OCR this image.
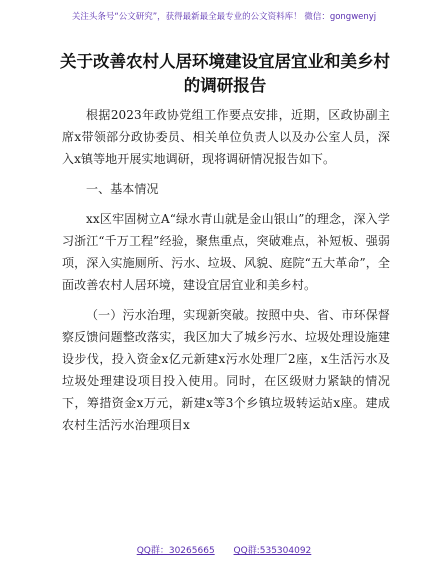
关注头条号“公文研究”，获得最新最全最专业的公文资料库！ 微信：gongwenyj
关于改善农村人居环境建设宜居宜业和美乡村
的调研报告

根据2023年政协党组工作要点安排，近期，区政协副主席x带领部分政协委员、相关单位负责人以及办公室人员，深入x镇等地开展实地调研，现将调研情况报告如下。

一、基本情况

xx区牢固树立A“绿水青山就是金山银山”的理念，深入学习浙江“千万工程”经验，聚焦重点，突破难点，补短板、强弱项，深入实施厕所、污水、垃圾、风貌、庭院“五大革命”，全面改善农村人居环境，建设宜居宜业和美乡村。

（一）污水治理，实现新突破。按照中央、省、市环保督察反馈问题整改落实，我区加大了城乡污水、垃圾处理设施建设步伐，投入资金x亿元新建x污水处理厂2座，x生活污水及垃圾处理建设项目投入使用。同时，在区级财力紧缺的情况下，筹措资金x万元，新建x等3个乡镇垃圾转运站x座。建成农村生活污水治理项目x

QQ群：30265665 QQ群:535304092
